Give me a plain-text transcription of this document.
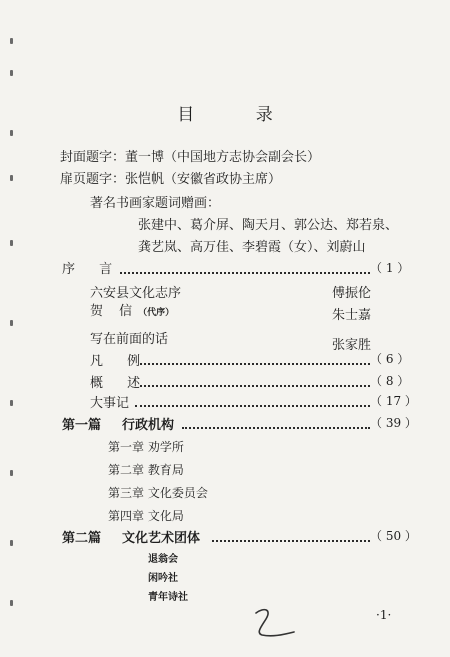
目 录
封面题字：董一博（中国地方志协会副会长）
扉页题字：张恺帆（安徽省政协主席）
著名书画家题词赠画：
张建中、葛介屏、陶天月、郭公达、郑若泉、
龚艺岚、高万佳、李碧霞（女）、刘蔚山
序 言	（ 1 ）
六安县文化志序	傅振伦
贺 信（代序）	朱士嘉
写在前面的话	张家胜
凡 例	（ 6 ）
概 述	（ 8 ）
大事记	（ 17 ）
第一篇 行政机构	（ 39 ）
第一章 劝学所
第二章 教育局
第三章 文化委员会
第四章 文化局
第二篇 文化艺术团体	（ 50 ）
退翁会
闲吟社
青年诗社
·1·
